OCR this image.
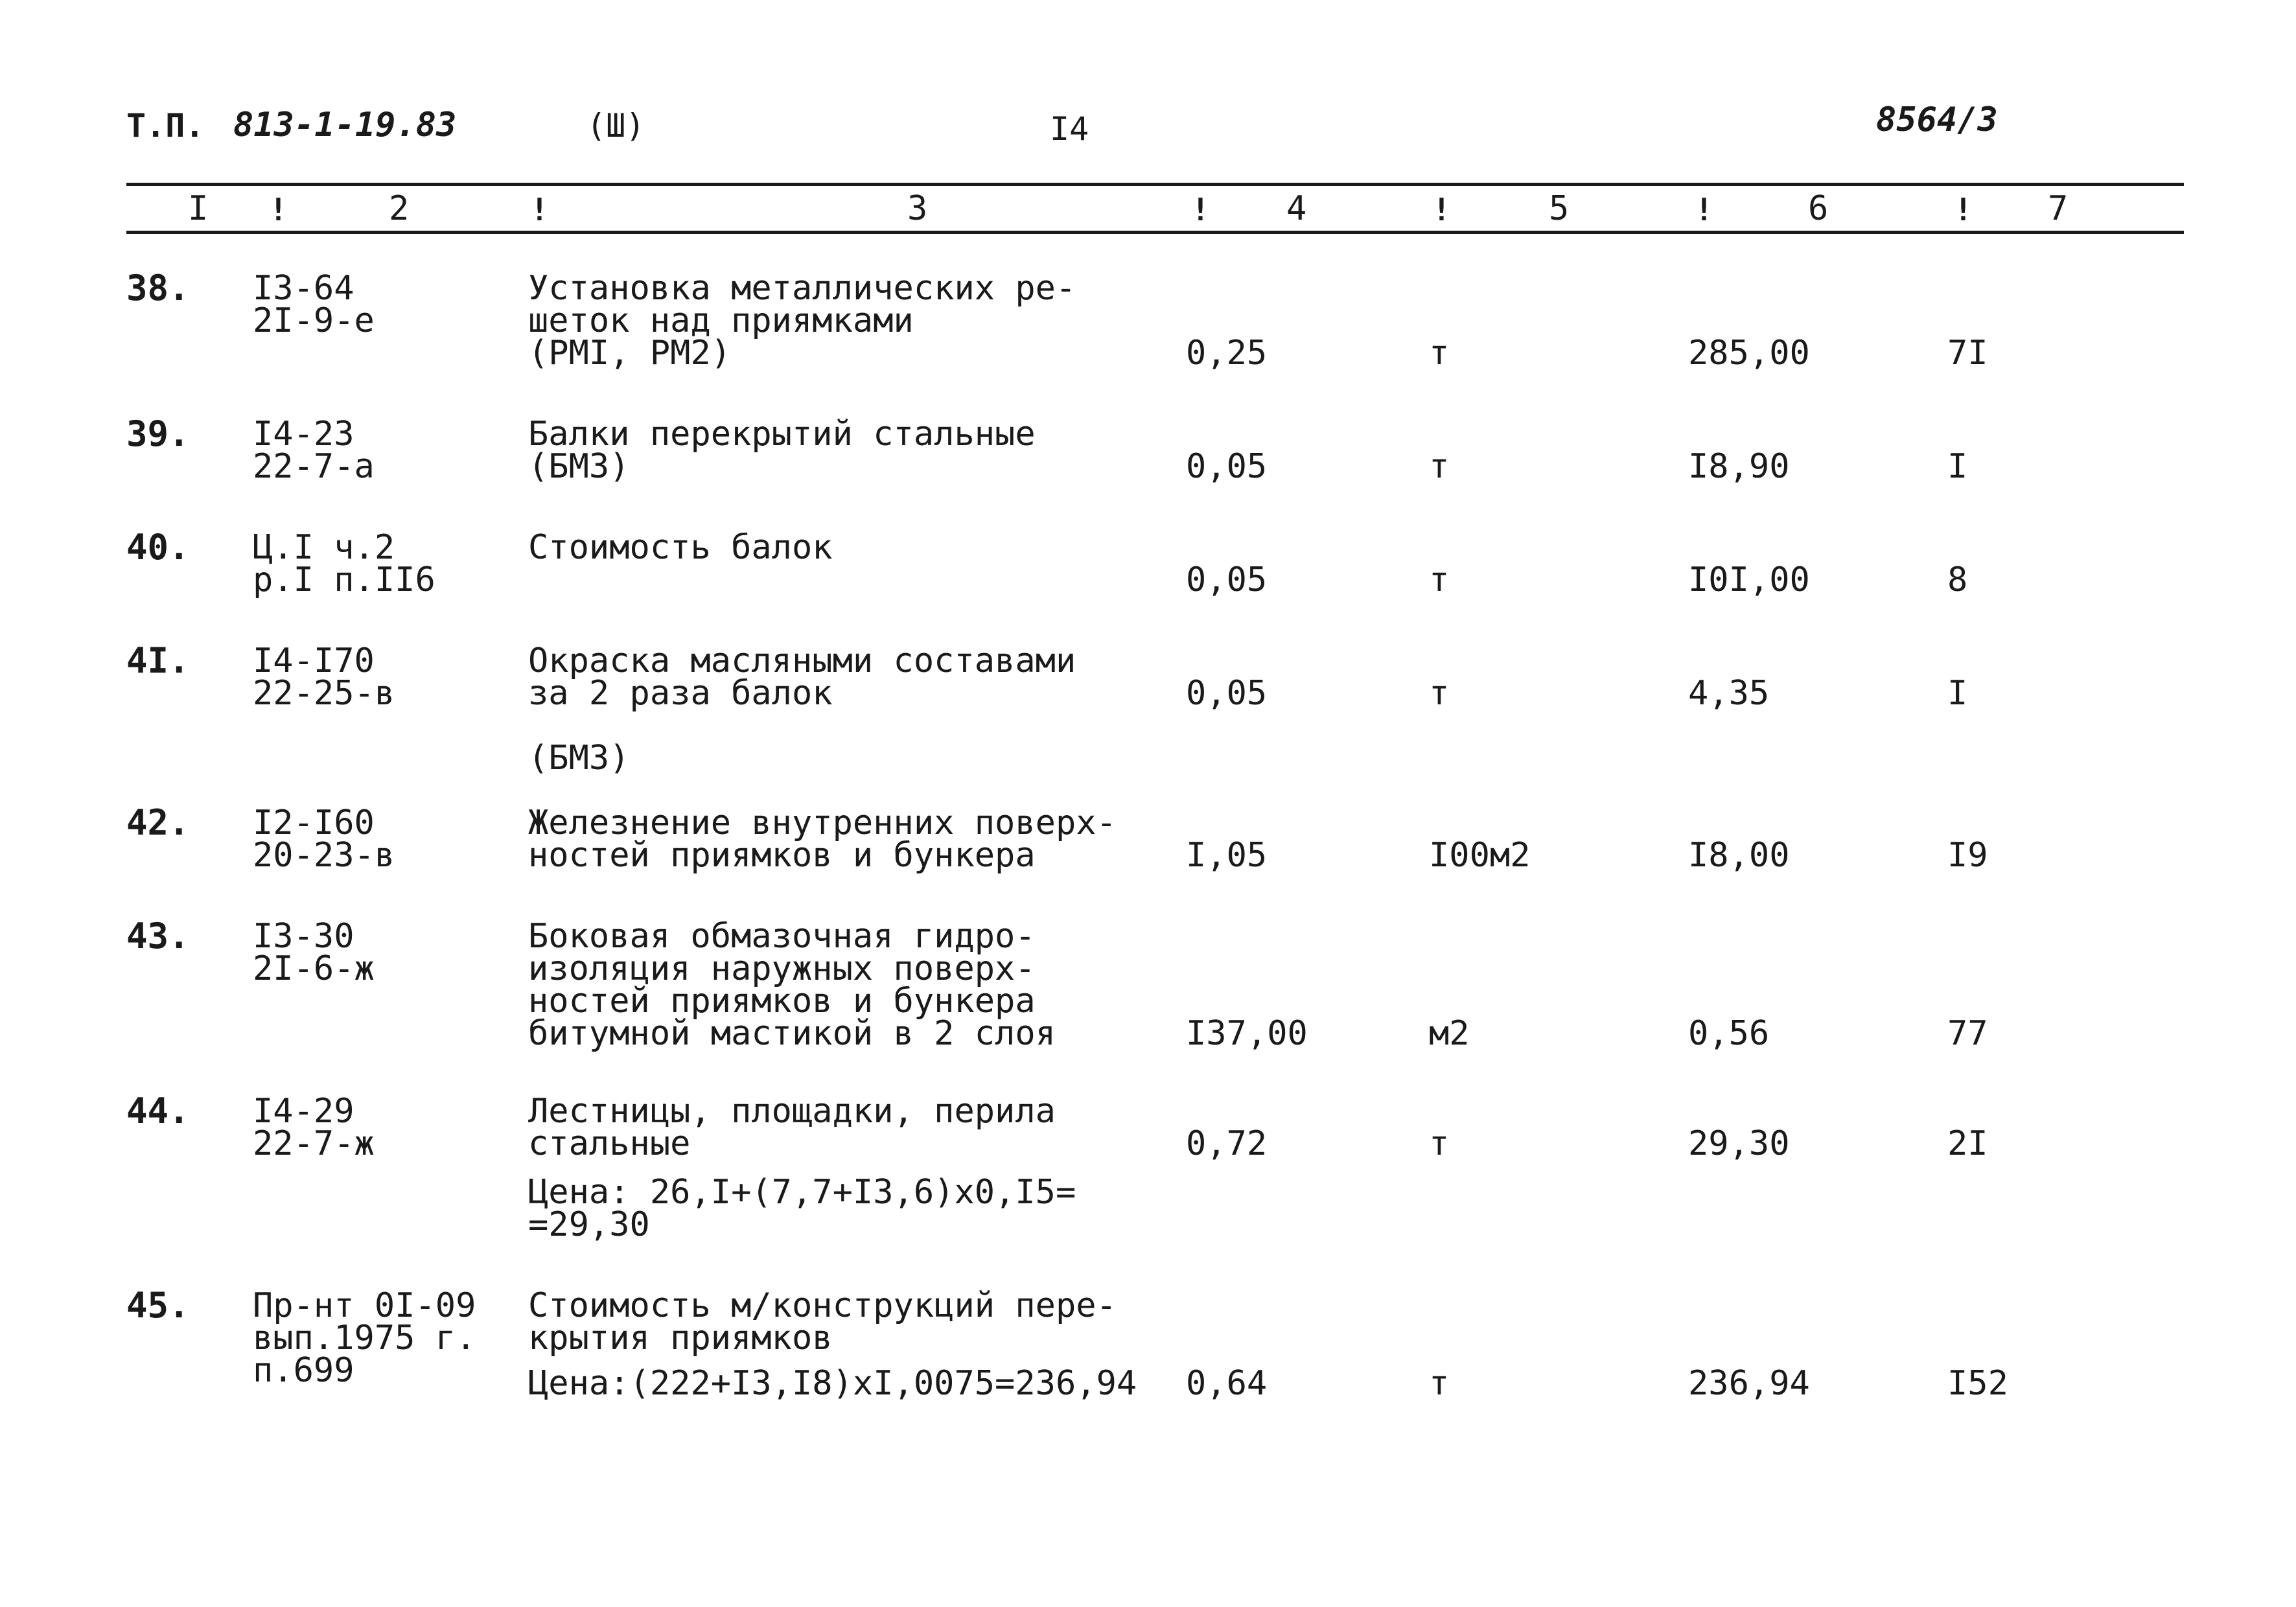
Т.П. 813-1-19.83	(Ш)	I4	8564/3
I !	2	!	3	! 4	!	5	!	6	! 7
38. I3-64
2I-9-e
Установка металлических ре-
шеток над приямками
(PMI, PM2)	0,25	т	285,00	7I
39. I4-23
22-7-a
Балки перекрытий стальные
(БМЗ)	0,05	т	I8,90	I
40. Ц.I ч.2
р.I п.II6
Стоимость балок
0,05	т	I0I,00	8
4I. I4-I70
22-25-в
Окраска масляными составами
за 2 раза балок
(БМЗ)
0,05	т	4,35	I
42. I2-I60
20-23-в
Железнение внутренних поверх-
ностей приямков и бункера	I,05	I00м2	I8,00	I9
43. I3-30
2I-6-ж
Боковая обмазочная гидро-
изоляция наружных поверх-
ностей приямков и бункера
битумной мастикой в 2 слоя	I37,00	м2	0,56	77
44. I4-29
22-7-ж
Лестницы, площадки, перила
стальные
Цена: 26,I+(7,7+I3,6)x0,I5=
=29,30
0,72	т	29,30	2I
45. Пр-нт 0I-09
вып.1975 г.
п.699
Стоимость м/конструкций пере-
крытия приямков
Цена:(222+I3,I8)xI,0075=236,94 0,64	т	236,94	I52
